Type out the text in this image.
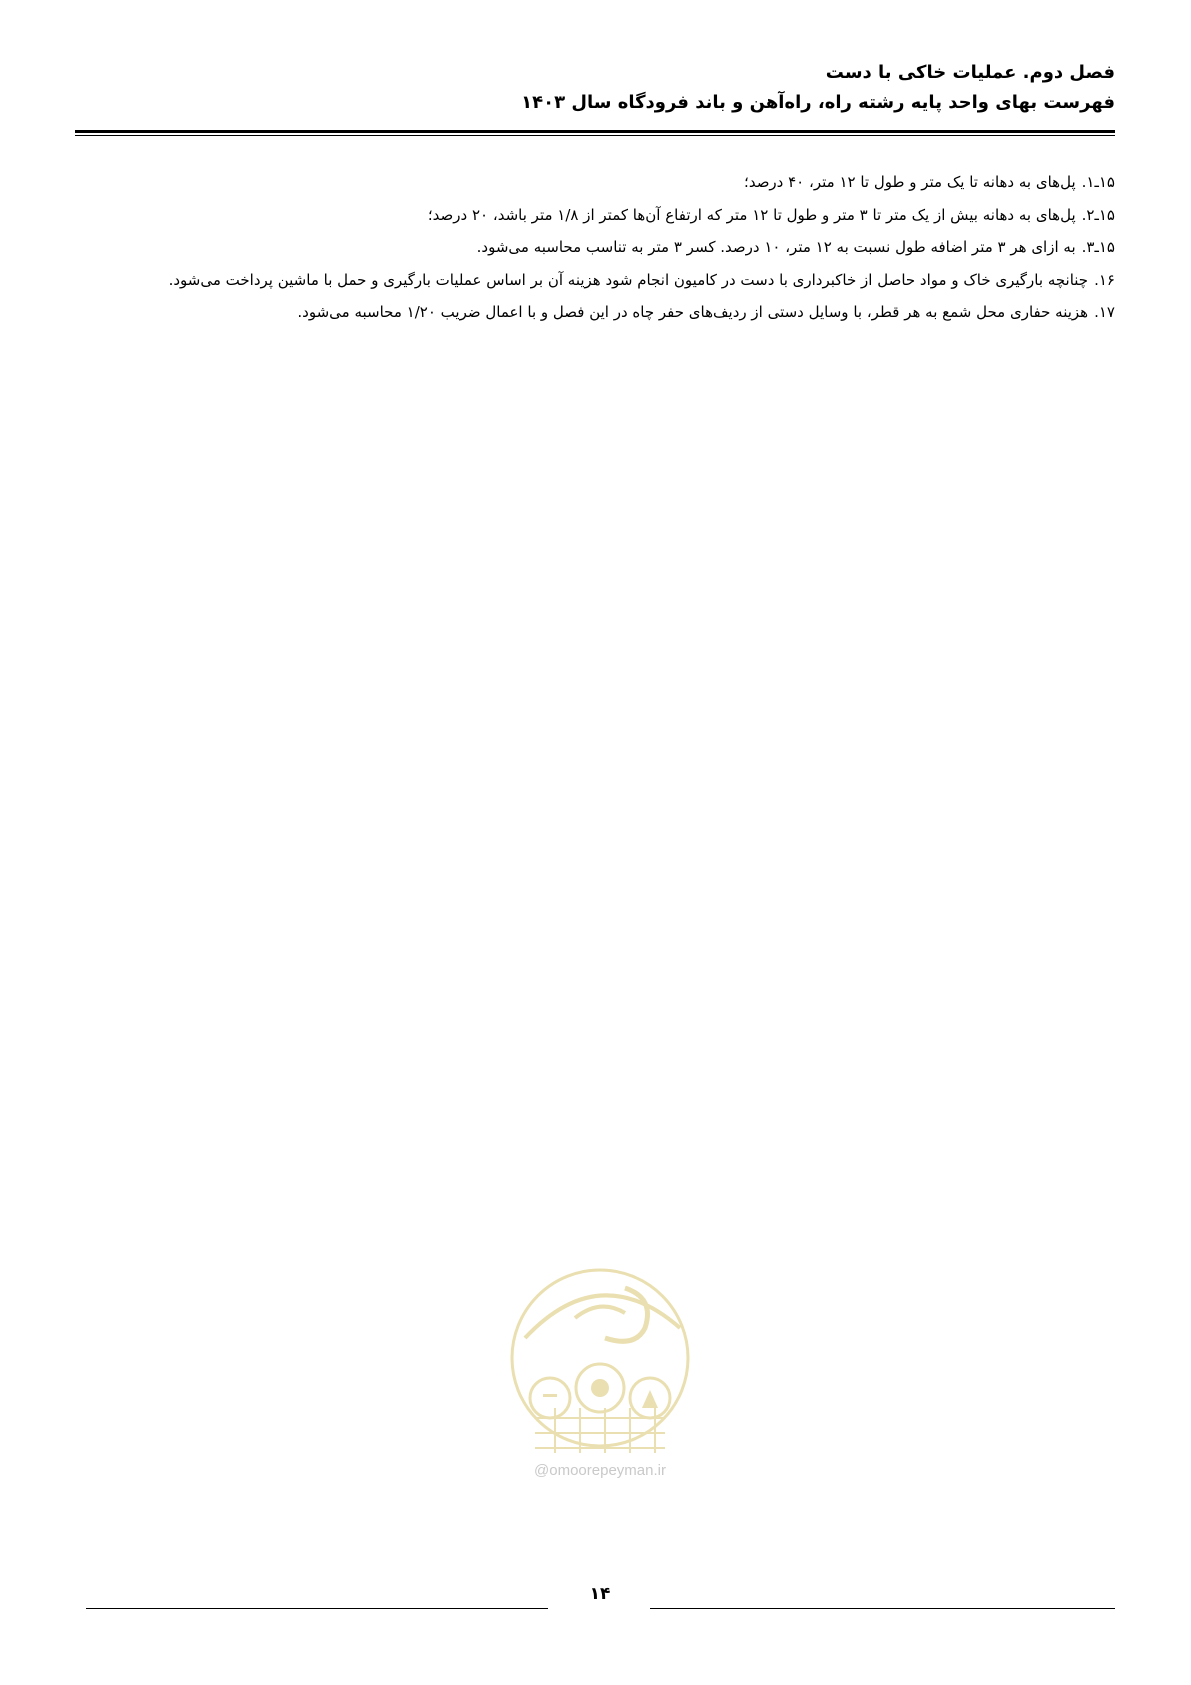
فصل دوم. عملیات خاکی با دست
فهرست بهای واحد پایه رشته راه، راه‌آهن و باند فرودگاه سال ۱۴۰۳

۱۵ـ۱.پل‌های به دهانه تا یک متر و طول تا ۱۲ متر، ۴۰ درصد؛

۱۵ـ۲.پل‌های به دهانه بیش از یک متر تا ۳ متر و طول تا ۱۲ متر که ارتفاع آن‌ها کمتر از ۱/۸ متر باشد، ۲۰ درصد؛

۱۵ـ۳.به ازای هر ۳ متر اضافه طول نسبت به ۱۲ متر، ۱۰ درصد. کسر ۳ متر به تناسب محاسبه می‌شود.

۱۶.چنانچه بارگیری خاک و مواد حاصل از خاکبرداری با دست در کامیون انجام شود هزینه آن بر اساس عملیات بارگیری و حمل با ماشین پرداخت می‌شود.

۱۷.هزینه حفاری محل شمع به هر قطر، با وسایل دستی از ردیف‌های حفر چاه در این فصل و با اعمال ضریب ۱/۲۰ محاسبه می‌شود.

@omoorepeyman.ir
۱۴
